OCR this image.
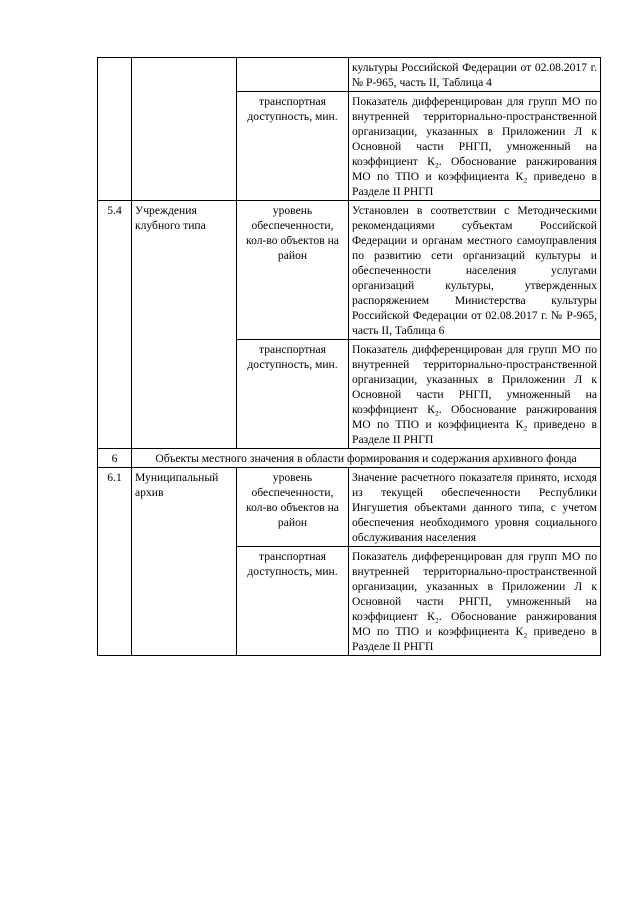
			культуры Российской Федерации от 02.08.2017 г. № Р-965, часть II, Таблица 4
		транспортная доступность, мин.	Показатель дифференцирован для групп МО по внутренней территориально-пространственной организации, указанных в Приложении Л к Основной части РНГП, умноженный на коэффициент К₂. Обоснование ранжирования МО по ТПО и коэффициента К₂ приведено в Разделе II РНГП
5.4	Учреждения клубного типа	уровень обеспеченности, кол-во объектов на район	Установлен в соответствии с Методическими рекомендациями субъектам Российской Федерации и органам местного самоуправления по развитию сети организаций культуры и обеспеченности населения услугами организаций культуры, утвержденных распоряжением Министерства культуры Российской Федерации от 02.08.2017 г. № Р-965, часть II, Таблица 6
		транспортная доступность, мин.	Показатель дифференцирован для групп МО по внутренней территориально-пространственной организации, указанных в Приложении Л к Основной части РНГП, умноженный на коэффициент К₂. Обоснование ранжирования МО по ТПО и коэффициента К₂ приведено в Разделе II РНГП
6	Объекты местного значения в области формирования и содержания архивного фонда		
6.1	Муниципальный архив	уровень обеспеченности, кол-во объектов на район	Значение расчетного показателя принято, исходя из текущей обеспеченности Республики Ингушетия объектами данного типа, с учетом обеспечения необходимого уровня социального обслуживания населения
		транспортная доступность, мин.	Показатель дифференцирован для групп МО по внутренней территориально-пространственной организации, указанных в Приложении Л к Основной части РНГП, умноженный на коэффициент К₂. Обоснование ранжирования МО по ТПО и коэффициента К₂ приведено в Разделе II РНГП
